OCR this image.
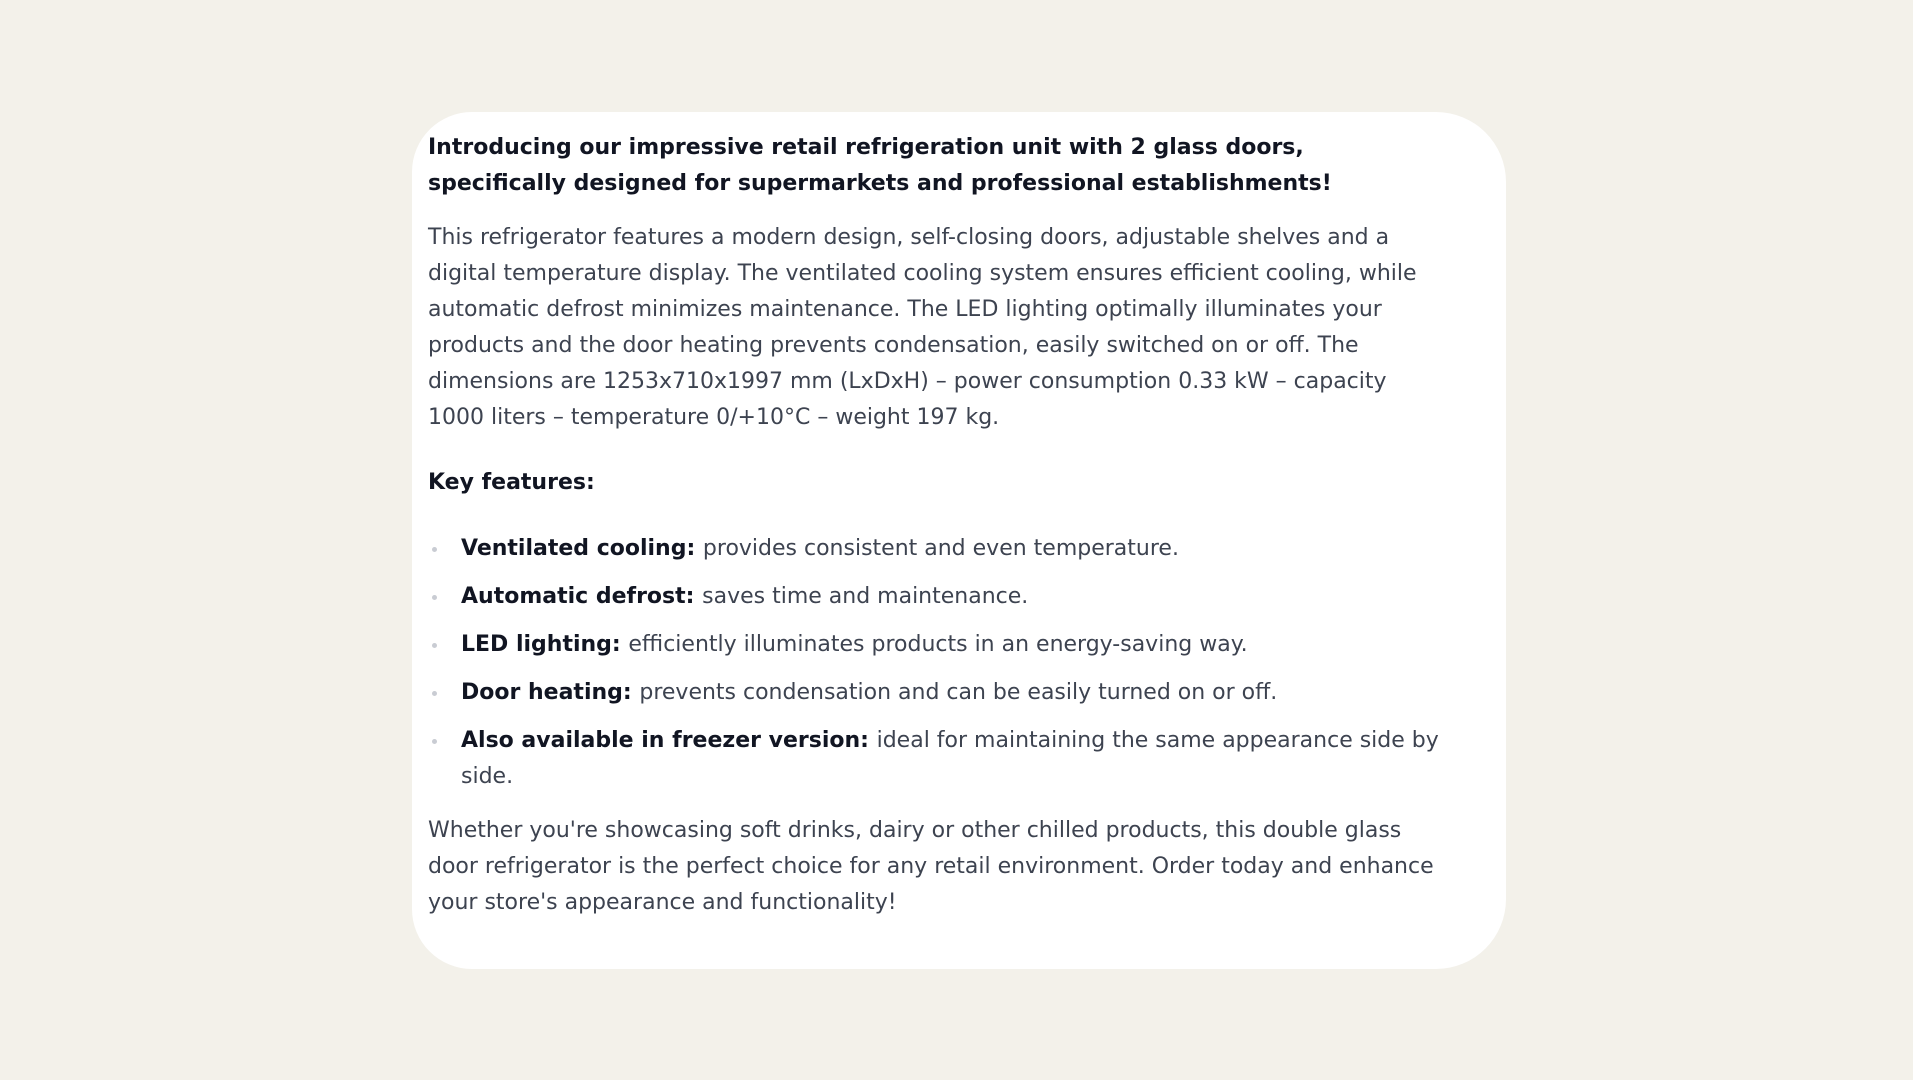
Introducing our impressive retail refrigeration unit with 2 glass doors, specifically designed for supermarkets and professional establishments!

This refrigerator features a modern design, self-closing doors, adjustable shelves and a digital temperature display. The ventilated cooling system ensures efficient cooling, while automatic defrost minimizes maintenance. The LED lighting optimally illuminates your products and the door heating prevents condensation, easily switched on or off. The dimensions are 1253x710x1997 mm (LxDxH) – power consumption 0.33 kW – capacity 1000 liters – temperature 0/+10°C – weight 197 kg.

Key features:

Ventilated cooling: provides consistent and even temperature.
Automatic defrost: saves time and maintenance.
LED lighting: efficiently illuminates products in an energy-saving way.
Door heating: prevents condensation and can be easily turned on or off.
Also available in freezer version: ideal for maintaining the same appearance side by side.

Whether you're showcasing soft drinks, dairy or other chilled products, this double glass door refrigerator is the perfect choice for any retail environment. Order today and enhance your store's appearance and functionality!
